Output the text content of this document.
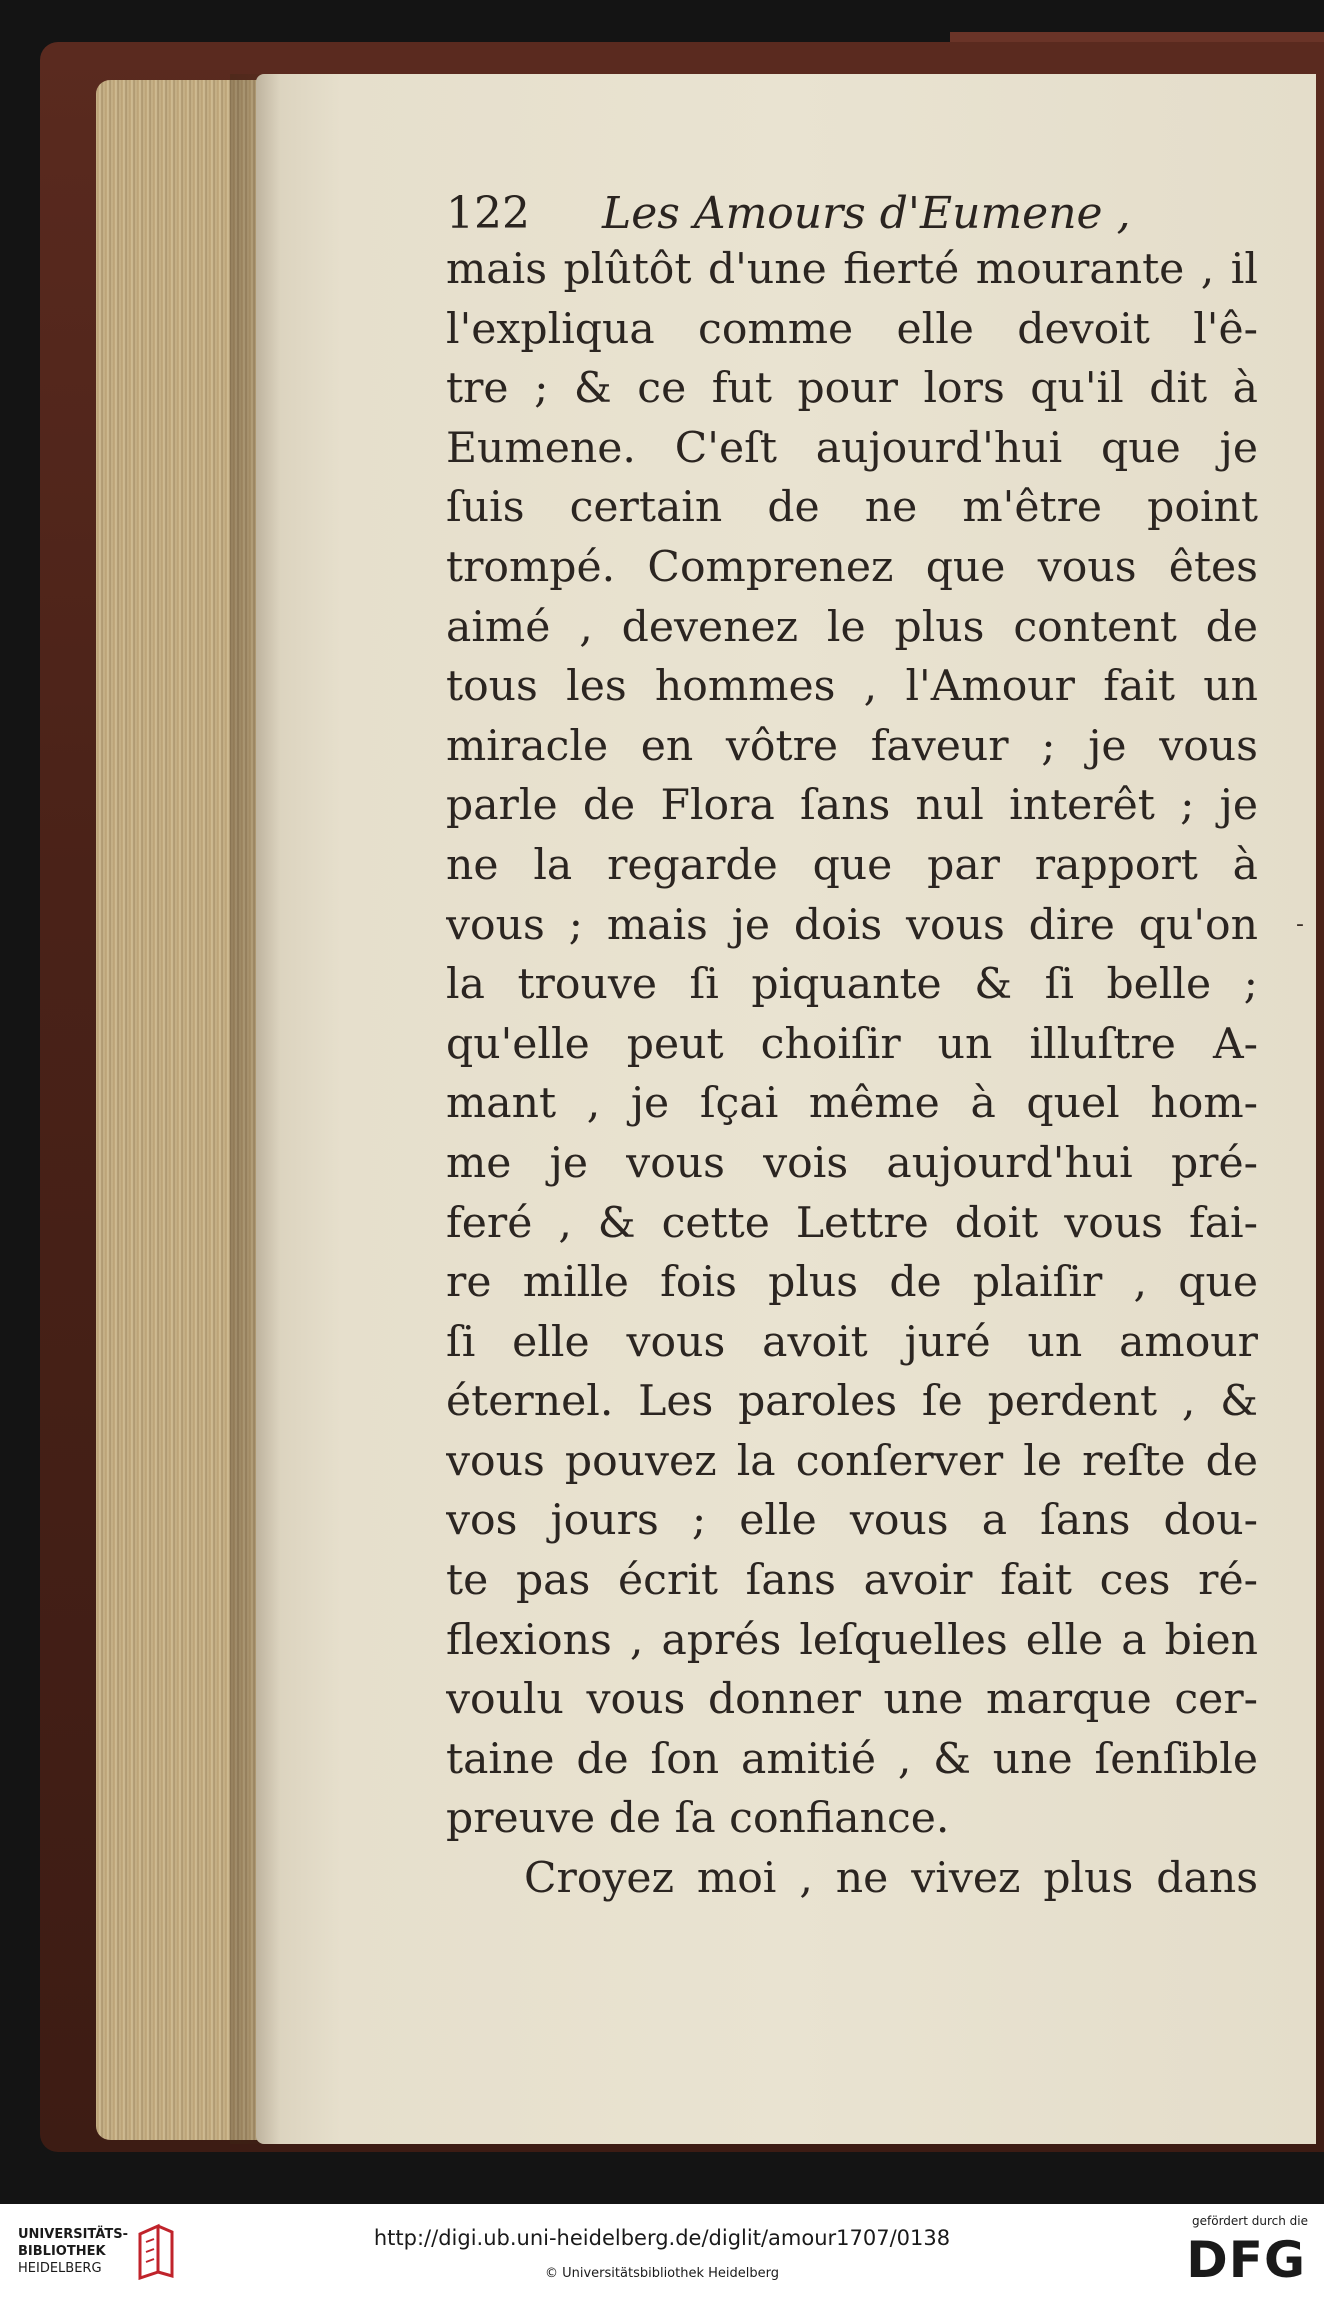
122 Les Amours d'Eumene ,
mais plûtôt d'une fierté mourante , il
l'expliqua comme elle devoit l'ê-
tre ; & ce fut pour lors qu'il dit à
Eumene. C'eſt aujourd'hui que je
ſuis certain de ne m'être point
trompé. Comprenez que vous êtes
aimé , devenez le plus content de
tous les hommes , l'Amour fait un
miracle en vôtre faveur ; je vous
parle de Flora ſans nul interêt ; je
ne la regarde que par rapport à
vous ; mais je dois vous dire qu'on
la trouve ſi piquante & ſi belle ;
qu'elle peut choiſir un illuſtre A-
mant , je ſçai même à quel hom-
me je vous vois aujourd'hui pré-
feré , & cette Lettre doit vous fai-
re mille fois plus de plaiſir , que
ſi elle vous avoit juré un amour
éternel. Les paroles ſe perdent , &
vous pouvez la conſerver le reſte de
vos jours ; elle vous a ſans dou-
te pas écrit ſans avoir fait ces ré-
flexions , aprés leſquelles elle a bien
voulu vous donner une marque cer-
taine de ſon amitié , & une ſenſible
preuve de ſa confiance.
Croyez moi , ne vivez plus dans
-
UNIVERSITÄTS-
BIBLIOTHEK
HEIDELBERG
http://digi.ub.uni-heidelberg.de/diglit/amour1707/0138
© Universitätsbibliothek Heidelberg
gefördert durch die
DFG
